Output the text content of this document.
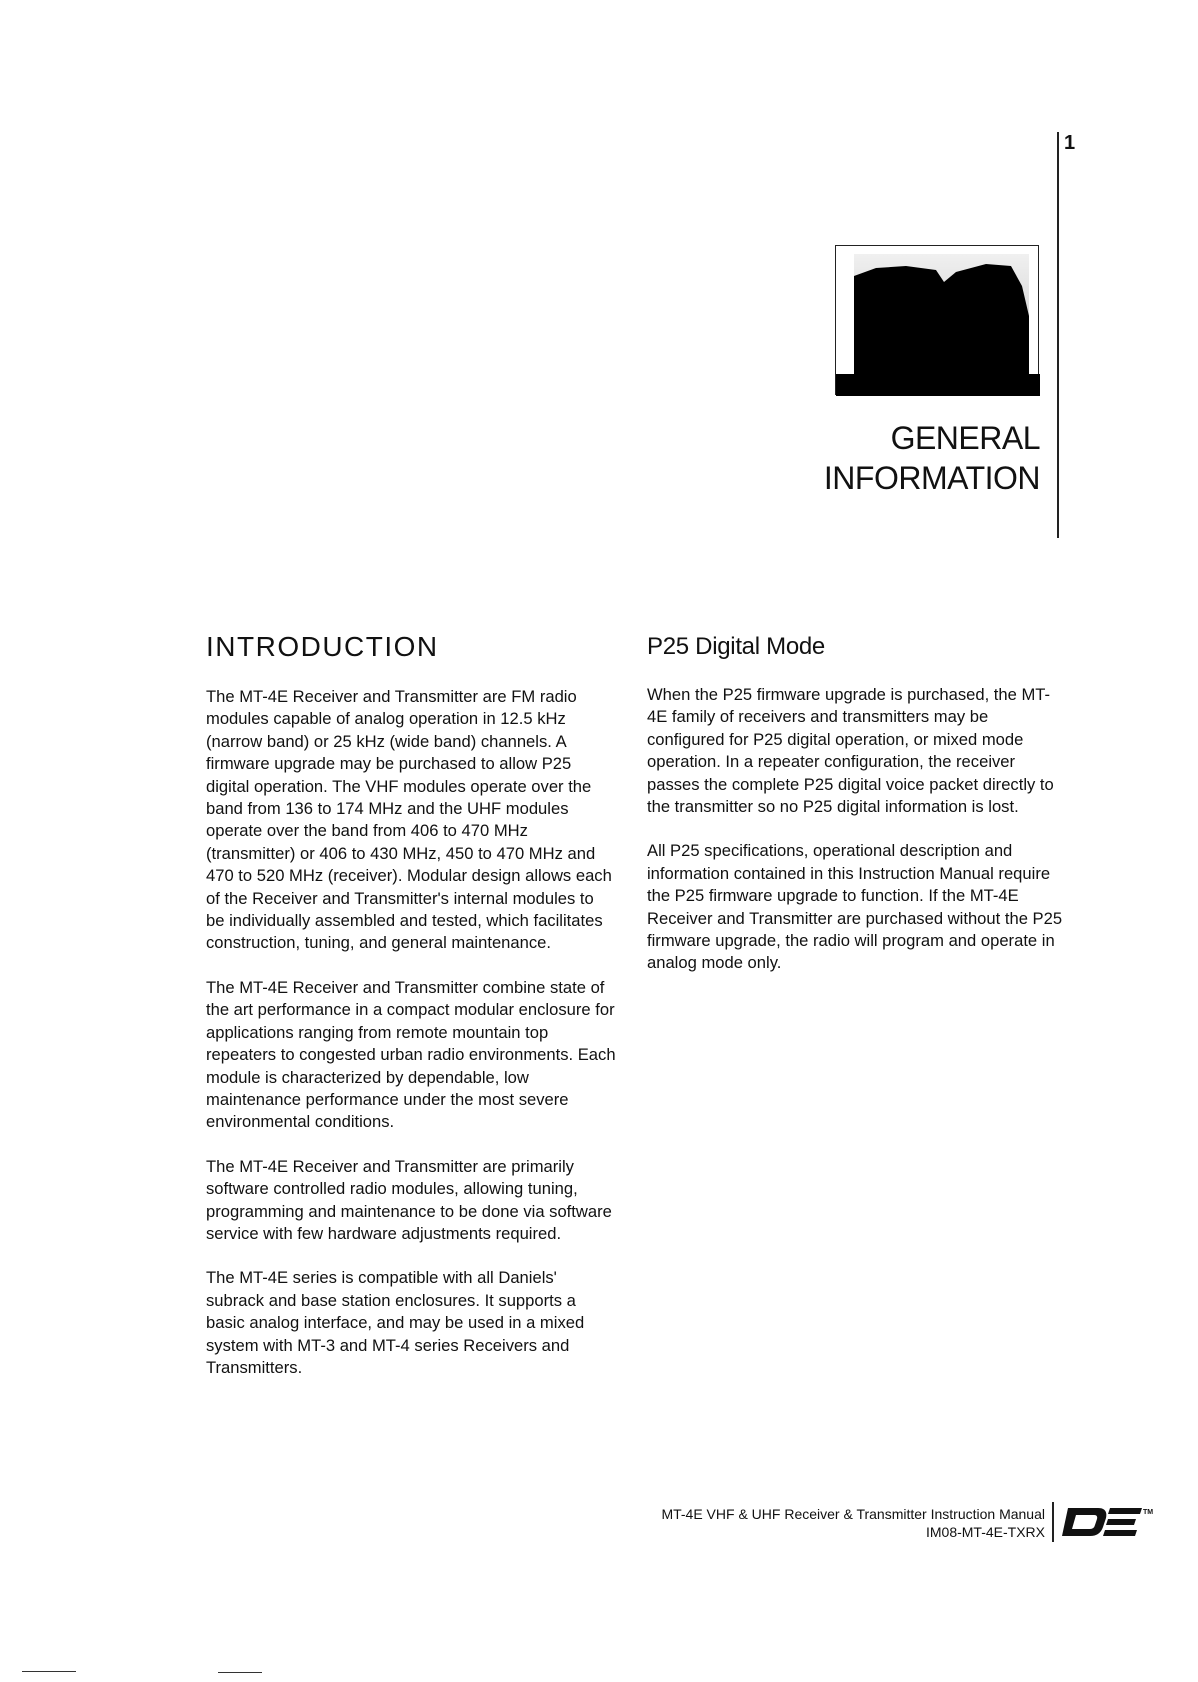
1
GENERAL
INFORMATION
INTRODUCTION

The MT-4E Receiver and Transmitter are FM radio modules capable of analog operation in 12.5 kHz (narrow band) or 25 kHz (wide band) channels. A firmware upgrade may be purchased to allow P25 digital operation. The VHF modules operate over the band from 136 to 174 MHz and the UHF modules operate over the band from 406 to 470 MHz (transmitter) or 406 to 430 MHz, 450 to 470 MHz and 470 to 520 MHz (receiver). Modular design allows each of the Receiver and Transmitter's internal modules to be individually assembled and tested, which facilitates construction, tuning, and general maintenance.

The MT-4E Receiver and Transmitter combine state of the art performance in a compact modular enclosure for applications ranging from remote mountain top repeaters to congested urban radio environments. Each module is characterized by dependable, low maintenance performance under the most severe environmental conditions.

The MT-4E Receiver and Transmitter are primarily software controlled radio modules, allowing tuning, programming and maintenance to be done via software service with few hardware adjustments required.

The MT-4E series is compatible with all Daniels' subrack and base station enclosures. It supports a basic analog interface, and may be used in a mixed system with MT-3 and MT-4 series Receivers and Transmitters.

P25 Digital Mode

When the P25 firmware upgrade is purchased, the MT-4E family of receivers and transmitters may be configured for P25 digital operation, or mixed mode operation. In a repeater configuration, the receiver passes the complete P25 digital voice packet directly to the transmitter so no P25 digital information is lost.

All P25 specifications, operational description and information contained in this Instruction Manual require the P25 firmware upgrade to function. If the MT-4E Receiver and Transmitter are purchased without the P25 firmware upgrade, the radio will program and operate in analog mode only.

MT-4E VHF & UHF Receiver & Transmitter Instruction Manual
IM08-MT-4E-TXRX
TM
